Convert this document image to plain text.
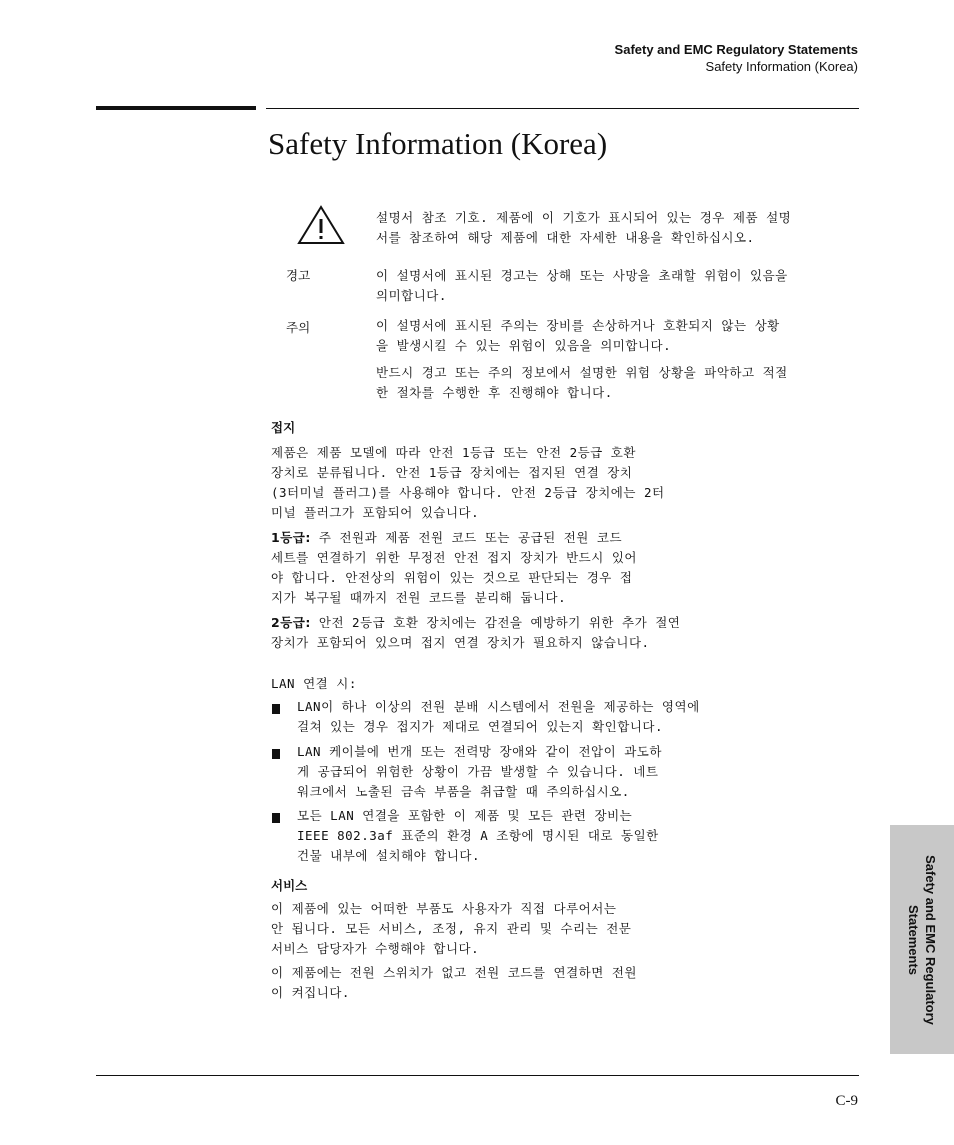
Safety and EMC Regulatory Statements
Safety Information (Korea)
Safety Information (Korea)
설명서 참조 기호. 제품에 이 기호가 표시되어 있는 경우 제품 설명
서를 참조하여 해당 제품에 대한 자세한 내용을 확인하십시오.
경고	이 설명서에 표시된 경고는 상해 또는 사망을 초래할 위험이 있음을
의미합니다.
주의	이 설명서에 표시된 주의는 장비를 손상하거나 호환되지 않는 상황
을 발생시킬 수 있는 위험이 있음을 의미합니다.
반드시 경고 또는 주의 정보에서 설명한 위험 상황을 파악하고 적절
한 절차를 수행한 후 진행해야 합니다.
접지
제품은 제품 모델에 따라 안전 1등급 또는 안전 2등급 호환
장치로 분류됩니다. 안전 1등급 장치에는 접지된 연결 장치
(3터미널 플러그)를 사용해야 합니다. 안전 2등급 장치에는 2터
미널 플러그가 포함되어 있습니다.
1등급: 주 전원과 제품 전원 코드 또는 공급된 전원 코드
세트를 연결하기 위한 무정전 안전 접지 장치가 반드시 있어
야 합니다. 안전상의 위험이 있는 것으로 판단되는 경우 접
지가 복구될 때까지 전원 코드를 분리해 둡니다.
2등급: 안전 2등급 호환 장치에는 감전을 예방하기 위한 추가 절연
장치가 포함되어 있으며 접지 연결 장치가 필요하지 않습니다.
LAN 연결 시:
LAN이 하나 이상의 전원 분배 시스템에서 전원을 제공하는 영역에
걸쳐 있는 경우 접지가 제대로 연결되어 있는지 확인합니다.
LAN 케이블에 번개 또는 전력망 장애와 같이 전압이 과도하
게 공급되어 위험한 상황이 가끔 발생할 수 있습니다. 네트
워크에서 노출된 금속 부품을 취급할 때 주의하십시오.
모든 LAN 연결을 포함한 이 제품 및 모든 관련 장비는
IEEE 802.3af 표준의 환경 A 조항에 명시된 대로 동일한
건물 내부에 설치해야 합니다.
서비스
이 제품에 있는 어떠한 부품도 사용자가 직접 다루어서는
안 됩니다. 모든 서비스, 조정, 유지 관리 및 수리는 전문
서비스 담당자가 수행해야 합니다.
이 제품에는 전원 스위치가 없고 전원 코드를 연결하면 전원
이 켜집니다.	Safety and EMC Regulatory
Statements
C-9
